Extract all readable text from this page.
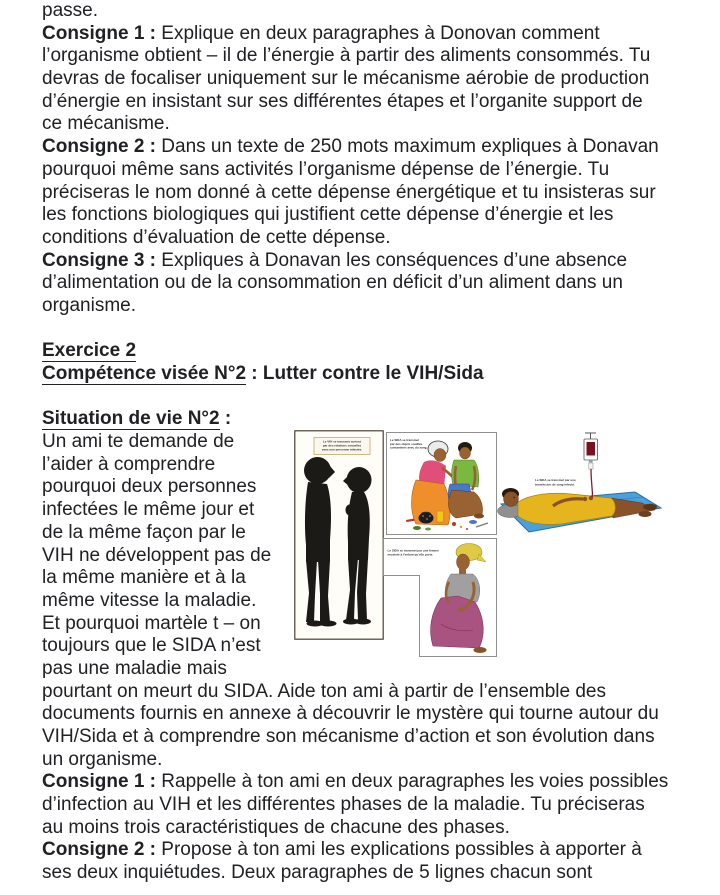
passe.
Consigne 1 : Explique en deux paragraphes à Donovan comment
l’organisme obtient – il de l’énergie à partir des aliments consommés. Tu
devras de focaliser uniquement sur le mécanisme aérobie de production
d’énergie en insistant sur ses différentes étapes et l’organite support de
ce mécanisme.
Consigne 2 : Dans un texte de 250 mots maximum expliques à Donavan
pourquoi même sans activités l’organisme dépense de l’énergie. Tu
préciseras le nom donné à cette dépense énergétique et tu insisteras sur
les fonctions biologiques qui justifient cette dépense d’énergie et les
conditions d’évaluation de cette dépense.
Consigne 3 : Expliques à Donavan les conséquences d’une absence
d’alimentation ou de la consommation en déficit d’un aliment dans un
organisme.
Exercice 2
Compétence visée N°2 : Lutter contre le VIH/Sida
Situation de vie N°2 :
Un ami te demande de
l’aider à comprendre
pourquoi deux personnes
infectées le même jour et
de la même façon par le
VIH ne développent pas de
la même manière et à la
même vitesse la maladie.
Et pourquoi martèle t – on
toujours que le SIDA n’est
pas une maladie mais
pourtant on meurt du SIDA. Aide ton ami à partir de l’ensemble des
documents fournis en annexe à découvrir le mystère qui tourne autour du
VIH/Sida et à comprendre son mécanisme d’action et son évolution dans
un organisme.
Consigne 1 : Rappelle à ton ami en deux paragraphes les voies possibles
d’infection au VIH et les différentes phases de la maladie. Tu préciseras
au moins trois caractéristiques de chacune des phases.
Consigne 2 : Propose à ton ami les explications possibles à apporter à
ses deux inquiétudes. Deux paragraphes de 5 lignes chacun sont
Le VIH se transmet surtout
par des relations sexuelles
avec une personne infectée.
Le SIDA se transmet
par des objets souillés
contaminés avec du sang.
Le SIDA se transmet par une femme
enceinte à l’enfant qu’elle porte.
Le SIDA se transmet par une
transfusion de sang infecté.
